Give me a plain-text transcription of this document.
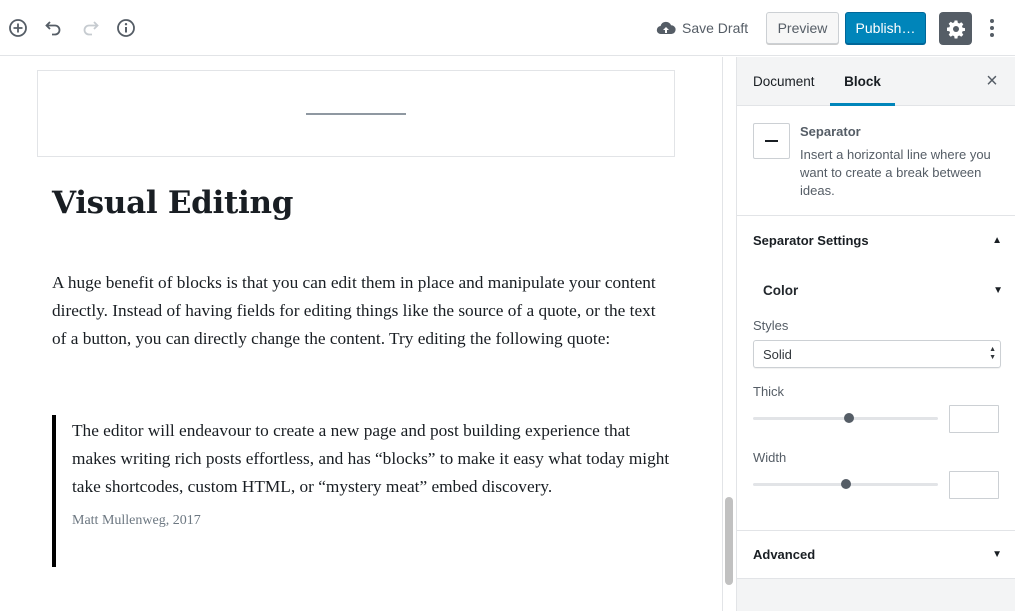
Save Draft	Preview	Publish…
Visual Editing

A huge benefit of blocks is that you can edit them in place and manipulate your content directly. Instead of having fields for editing things like the source of a quote, or the text of a button, you can directly change the content. Try editing the following quote:

The editor will endeavour to create a new page and post building experience that makes writing rich posts effortless, and has “blocks” to make it easy what today might take shortcodes, custom HTML, or “mystery meat” embed discovery.

Matt Mullenweg, 2017

Document	Block	×
Separator
Insert a horizontal line where you want to create a break between ideas.
Separator Settings	▲
Color	▼
Styles
Solid	▲
▼
Thick
Width
Advanced	▼
